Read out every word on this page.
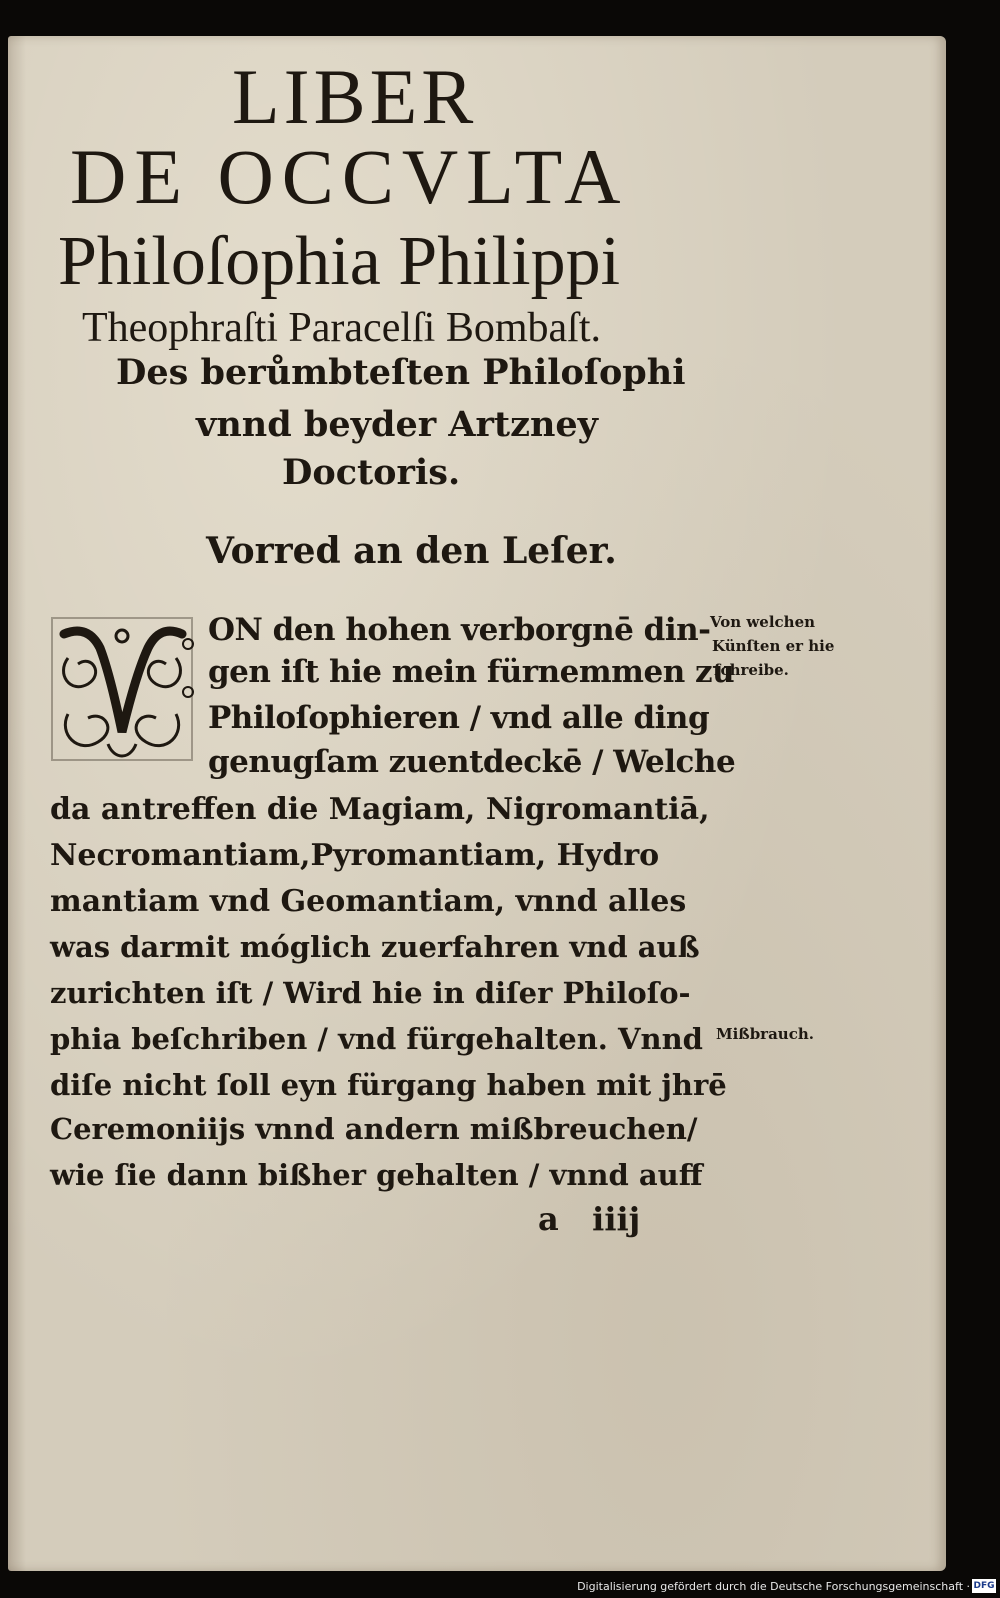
LIBER
DE OCCVLTA
Philoſophia Philippi
Theophraſti Paracelſi Bombaſt.
Des berůmbteſten Philoſophi
vnnd beyder Artzney
Doctoris.
Vorred an den Leſer.
ON den hohen verborgnē din-
gen iſt hie mein fürnemmen zu
Philoſophieren / vnd alle ding
genugſam zuentdeckē / Welche
da antreffen die Magiam, Nigromantiā,
Necromantiam,Pyromantiam, Hydro
mantiam vnd Geomantiam, vnnd alles
was darmit móglich zuerfahren vnd auß
zurichten iſt / Wird hie in diſer Philoſo-
phia beſchriben / vnd fürgehalten. Vnnd
diſe nicht ſoll eyn fürgang haben mit jhrē
Ceremoniijs vnnd andern mißbreuchen/
wie ſie dann bißher gehalten / vnnd auff
Von welchen
Künſten er hie
ſchreibe.
Mißbrauch.
a   iiij
Digitalisierung gefördert durch die Deutsche Forschungsgemeinschaft · DFG
